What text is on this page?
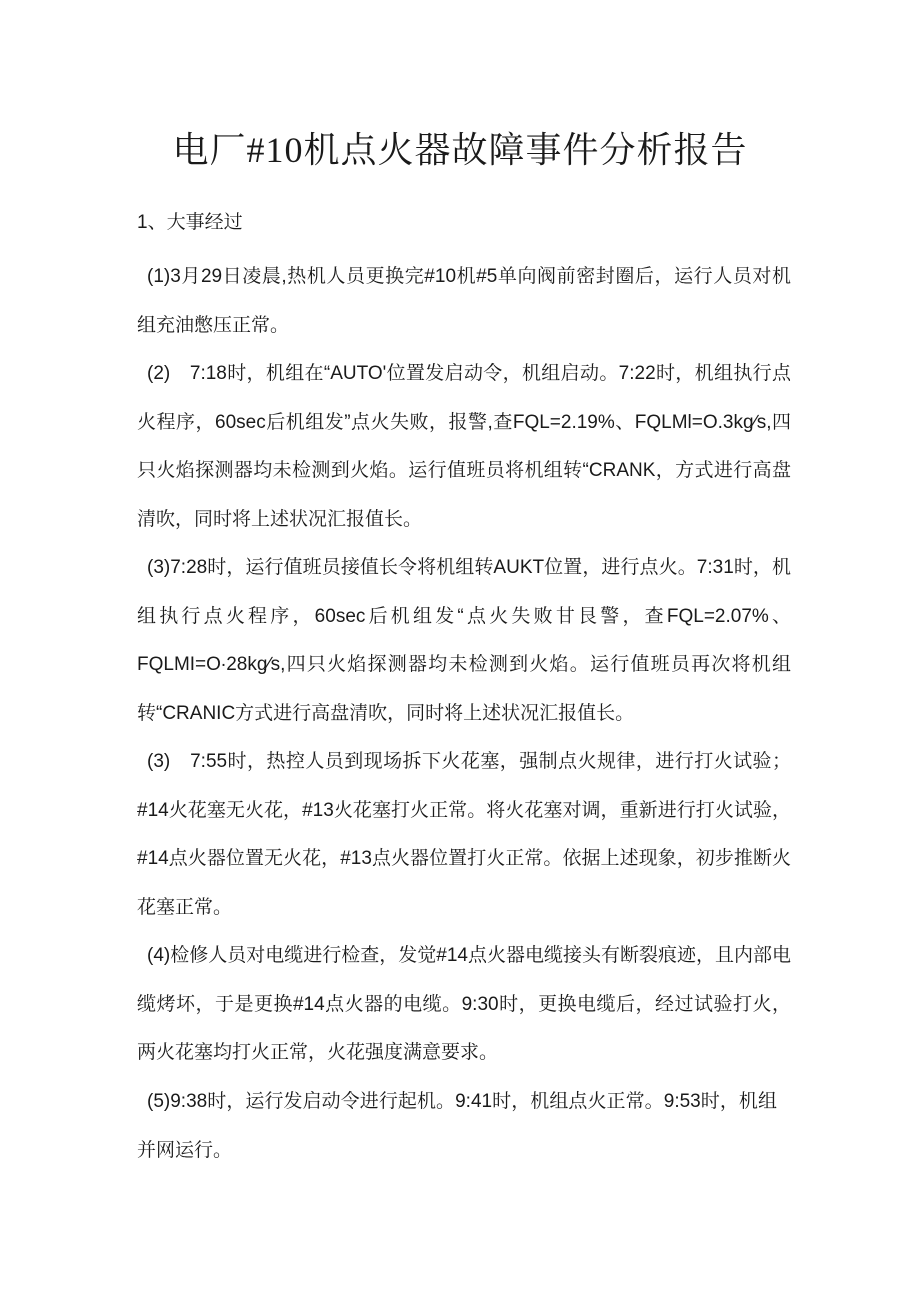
电厂#10机点火器故障事件分析报告

1、大事经过

(1)3月29日凌晨,热机人员更换完#10机#5单向阀前密封圈后，运行人员对机组充油憋压正常。

(2)　7:18时，机组在“AUTO'位置发启动令，机组启动。7:22时，机组执行点火程序，60sec后机组发”点火失败，报警,查FQL=2.19%、FQLMl=O.3kg∕s,四只火焰探测器均未检测到火焰。运行值班员将机组转“CRANK，方式进行高盘清吹，同时将上述状况汇报值长。

(3)7:28时，运行值班员接值长令将机组转AUKT位置，进行点火。7:31时，机组执行点火程序，60sec后机组发“点火失败甘艮警，查FQL=2.07%、FQLMI=O∙28kg∕s,四只火焰探测器均未检测到火焰。运行值班员再次将机组转“CRANIC方式进行高盘清吹，同时将上述状况汇报值长。

(3)　7:55时，热控人员到现场拆下火花塞，强制点火规律，进行打火试验；#14火花塞无火花，#13火花塞打火正常。将火花塞对调，重新进行打火试验，#14点火器位置无火花，#13点火器位置打火正常。依据上述现象，初步推断火花塞正常。

(4)检修人员对电缆进行检查，发觉#14点火器电缆接头有断裂痕迹，且内部电缆烤坏，于是更换#14点火器的电缆。9:30时，更换电缆后，经过试验打火，两火花塞均打火正常，火花强度满意要求。

(5)9:38时，运行发启动令进行起机。9:41时，机组点火正常。9:53时，机组并网运行。
